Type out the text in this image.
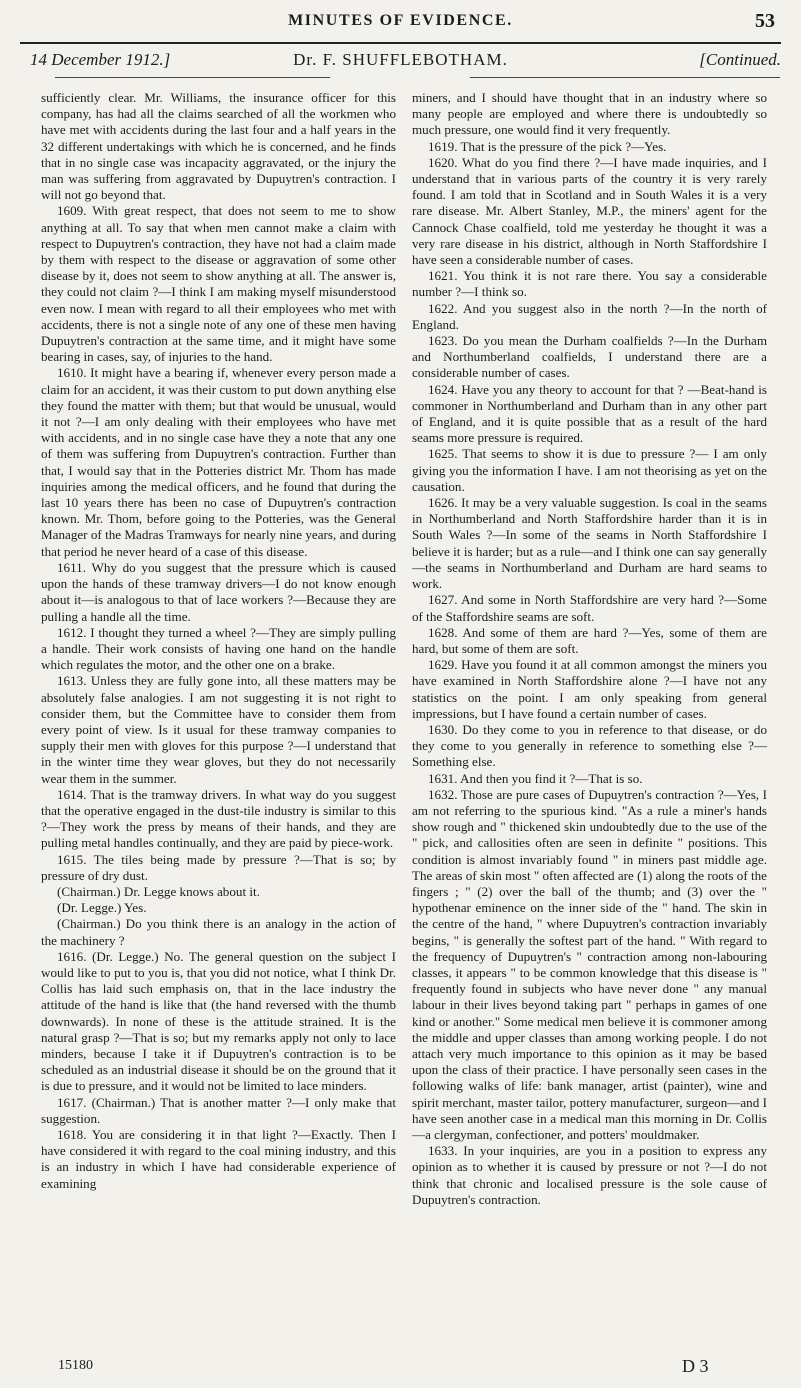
MINUTES OF EVIDENCE.	53
14 December 1912.]	Dr. F. SHUFFLEBOTHAM.	[Continued.

sufficiently clear. Mr. Williams, the insurance officer for this company, has had all the claims searched of all the workmen who have met with accidents during the last four and a half years in the 32 different undertakings with which he is concerned, and he finds that in no single case was incapacity aggravated, or the injury the man was suffering from aggravated by Dupuytren's contraction. I will not go beyond that.

1609. With great respect, that does not seem to me to show anything at all. To say that when men cannot make a claim with respect to Dupuytren's contraction, they have not had a claim made by them with respect to the disease or aggravation of some other disease by it, does not seem to show anything at all. The answer is, they could not claim ?—I think I am making myself misunderstood even now. I mean with regard to all their employees who met with accidents, there is not a single note of any one of these men having Dupuytren's contraction at the same time, and it might have some bearing in cases, say, of injuries to the hand.

1610. It might have a bearing if, whenever every person made a claim for an accident, it was their custom to put down anything else they found the matter with them; but that would be unusual, would it not ?—I am only dealing with their employees who have met with accidents, and in no single case have they a note that any one of them was suffering from Dupuytren's contraction. Further than that, I would say that in the Potteries district Mr. Thom has made inquiries among the medical officers, and he found that during the last 10 years there has been no case of Dupuytren's contraction known. Mr. Thom, before going to the Potteries, was the General Manager of the Madras Tramways for nearly nine years, and during that period he never heard of a case of this disease.

1611. Why do you suggest that the pressure which is caused upon the hands of these tramway drivers—I do not know enough about it—is analogous to that of lace workers ?—Because they are pulling a handle all the time.

1612. I thought they turned a wheel ?—They are simply pulling a handle. Their work consists of having one hand on the handle which regulates the motor, and the other one on a brake.

1613. Unless they are fully gone into, all these matters may be absolutely false analogies. I am not suggesting it is not right to consider them, but the Committee have to consider them from every point of view. Is it usual for these tramway companies to supply their men with gloves for this purpose ?—I understand that in the winter time they wear gloves, but they do not necessarily wear them in the summer.

1614. That is the tramway drivers. In what way do you suggest that the operative engaged in the dust-tile industry is similar to this ?—They work the press by means of their hands, and they are pulling metal handles continually, and they are paid by piece-work.

1615. The tiles being made by pressure ?—That is so; by pressure of dry dust.

(Chairman.) Dr. Legge knows about it.

(Dr. Legge.) Yes.

(Chairman.) Do you think there is an analogy in the action of the machinery ?

1616. (Dr. Legge.) No. The general question on the subject I would like to put to you is, that you did not notice, what I think Dr. Collis has laid such emphasis on, that in the lace industry the attitude of the hand is like that (the hand reversed with the thumb downwards). In none of these is the attitude strained. It is the natural grasp ?—That is so; but my remarks apply not only to lace minders, because I take it if Dupuytren's contraction is to be scheduled as an industrial disease it should be on the ground that it is due to pressure, and it would not be limited to lace minders.

1617. (Chairman.) That is another matter ?—I only make that suggestion.

1618. You are considering it in that light ?—Exactly. Then I have considered it with regard to the coal mining industry, and this is an industry in which I have had considerable experience of examining

miners, and I should have thought that in an industry where so many people are employed and where there is undoubtedly so much pressure, one would find it very frequently.

1619. That is the pressure of the pick ?—Yes.

1620. What do you find there ?—I have made inquiries, and I understand that in various parts of the country it is very rarely found. I am told that in Scotland and in South Wales it is a very rare disease. Mr. Albert Stanley, M.P., the miners' agent for the Cannock Chase coalfield, told me yesterday he thought it was a very rare disease in his district, although in North Staffordshire I have seen a considerable number of cases.

1621. You think it is not rare there. You say a considerable number ?—I think so.

1622. And you suggest also in the north ?—In the north of England.

1623. Do you mean the Durham coalfields ?—In the Durham and Northumberland coalfields, I understand there are a considerable number of cases.

1624. Have you any theory to account for that ? —Beat-hand is commoner in Northumberland and Durham than in any other part of England, and it is quite possible that as a result of the hard seams more pressure is required.

1625. That seems to show it is due to pressure ?— I am only giving you the information I have. I am not theorising as yet on the causation.

1626. It may be a very valuable suggestion. Is coal in the seams in Northumberland and North Staffordshire harder than it is in South Wales ?—In some of the seams in North Staffordshire I believe it is harder; but as a rule—and I think one can say generally—the seams in Northumberland and Durham are hard seams to work.

1627. And some in North Staffordshire are very hard ?—Some of the Staffordshire seams are soft.

1628. And some of them are hard ?—Yes, some of them are hard, but some of them are soft.

1629. Have you found it at all common amongst the miners you have examined in North Staffordshire alone ?—I have not any statistics on the point. I am only speaking from general impressions, but I have found a certain number of cases.

1630. Do they come to you in reference to that disease, or do they come to you generally in reference to something else ?—Something else.

1631. And then you find it ?—That is so.

1632. Those are pure cases of Dupuytren's contraction ?—Yes, I am not referring to the spurious kind. "As a rule a miner's hands show rough and " thickened skin undoubtedly due to the use of the " pick, and callosities often are seen in definite " positions. This condition is almost invariably found " in miners past middle age. The areas of skin most " often affected are (1) along the roots of the fingers ; " (2) over the ball of the thumb; and (3) over the " hypothenar eminence on the inner side of the " hand. The skin in the centre of the hand, " where Dupuytren's contraction invariably begins, " is generally the softest part of the hand. " With regard to the frequency of Dupuytren's " contraction among non-labouring classes, it appears " to be common knowledge that this disease is " frequently found in subjects who have never done " any manual labour in their lives beyond taking part " perhaps in games of one kind or another." Some medical men believe it is commoner among the middle and upper classes than among working people. I do not attach very much importance to this opinion as it may be based upon the class of their practice. I have personally seen cases in the following walks of life: bank manager, artist (painter), wine and spirit merchant, master tailor, pottery manufacturer, surgeon—and I have seen another case in a medical man this morning in Dr. Collis—a clergyman, confectioner, and potters' mouldmaker.

1633. In your inquiries, are you in a position to express any opinion as to whether it is caused by pressure or not ?—I do not think that chronic and localised pressure is the sole cause of Dupuytren's contraction.

15180	D 3
